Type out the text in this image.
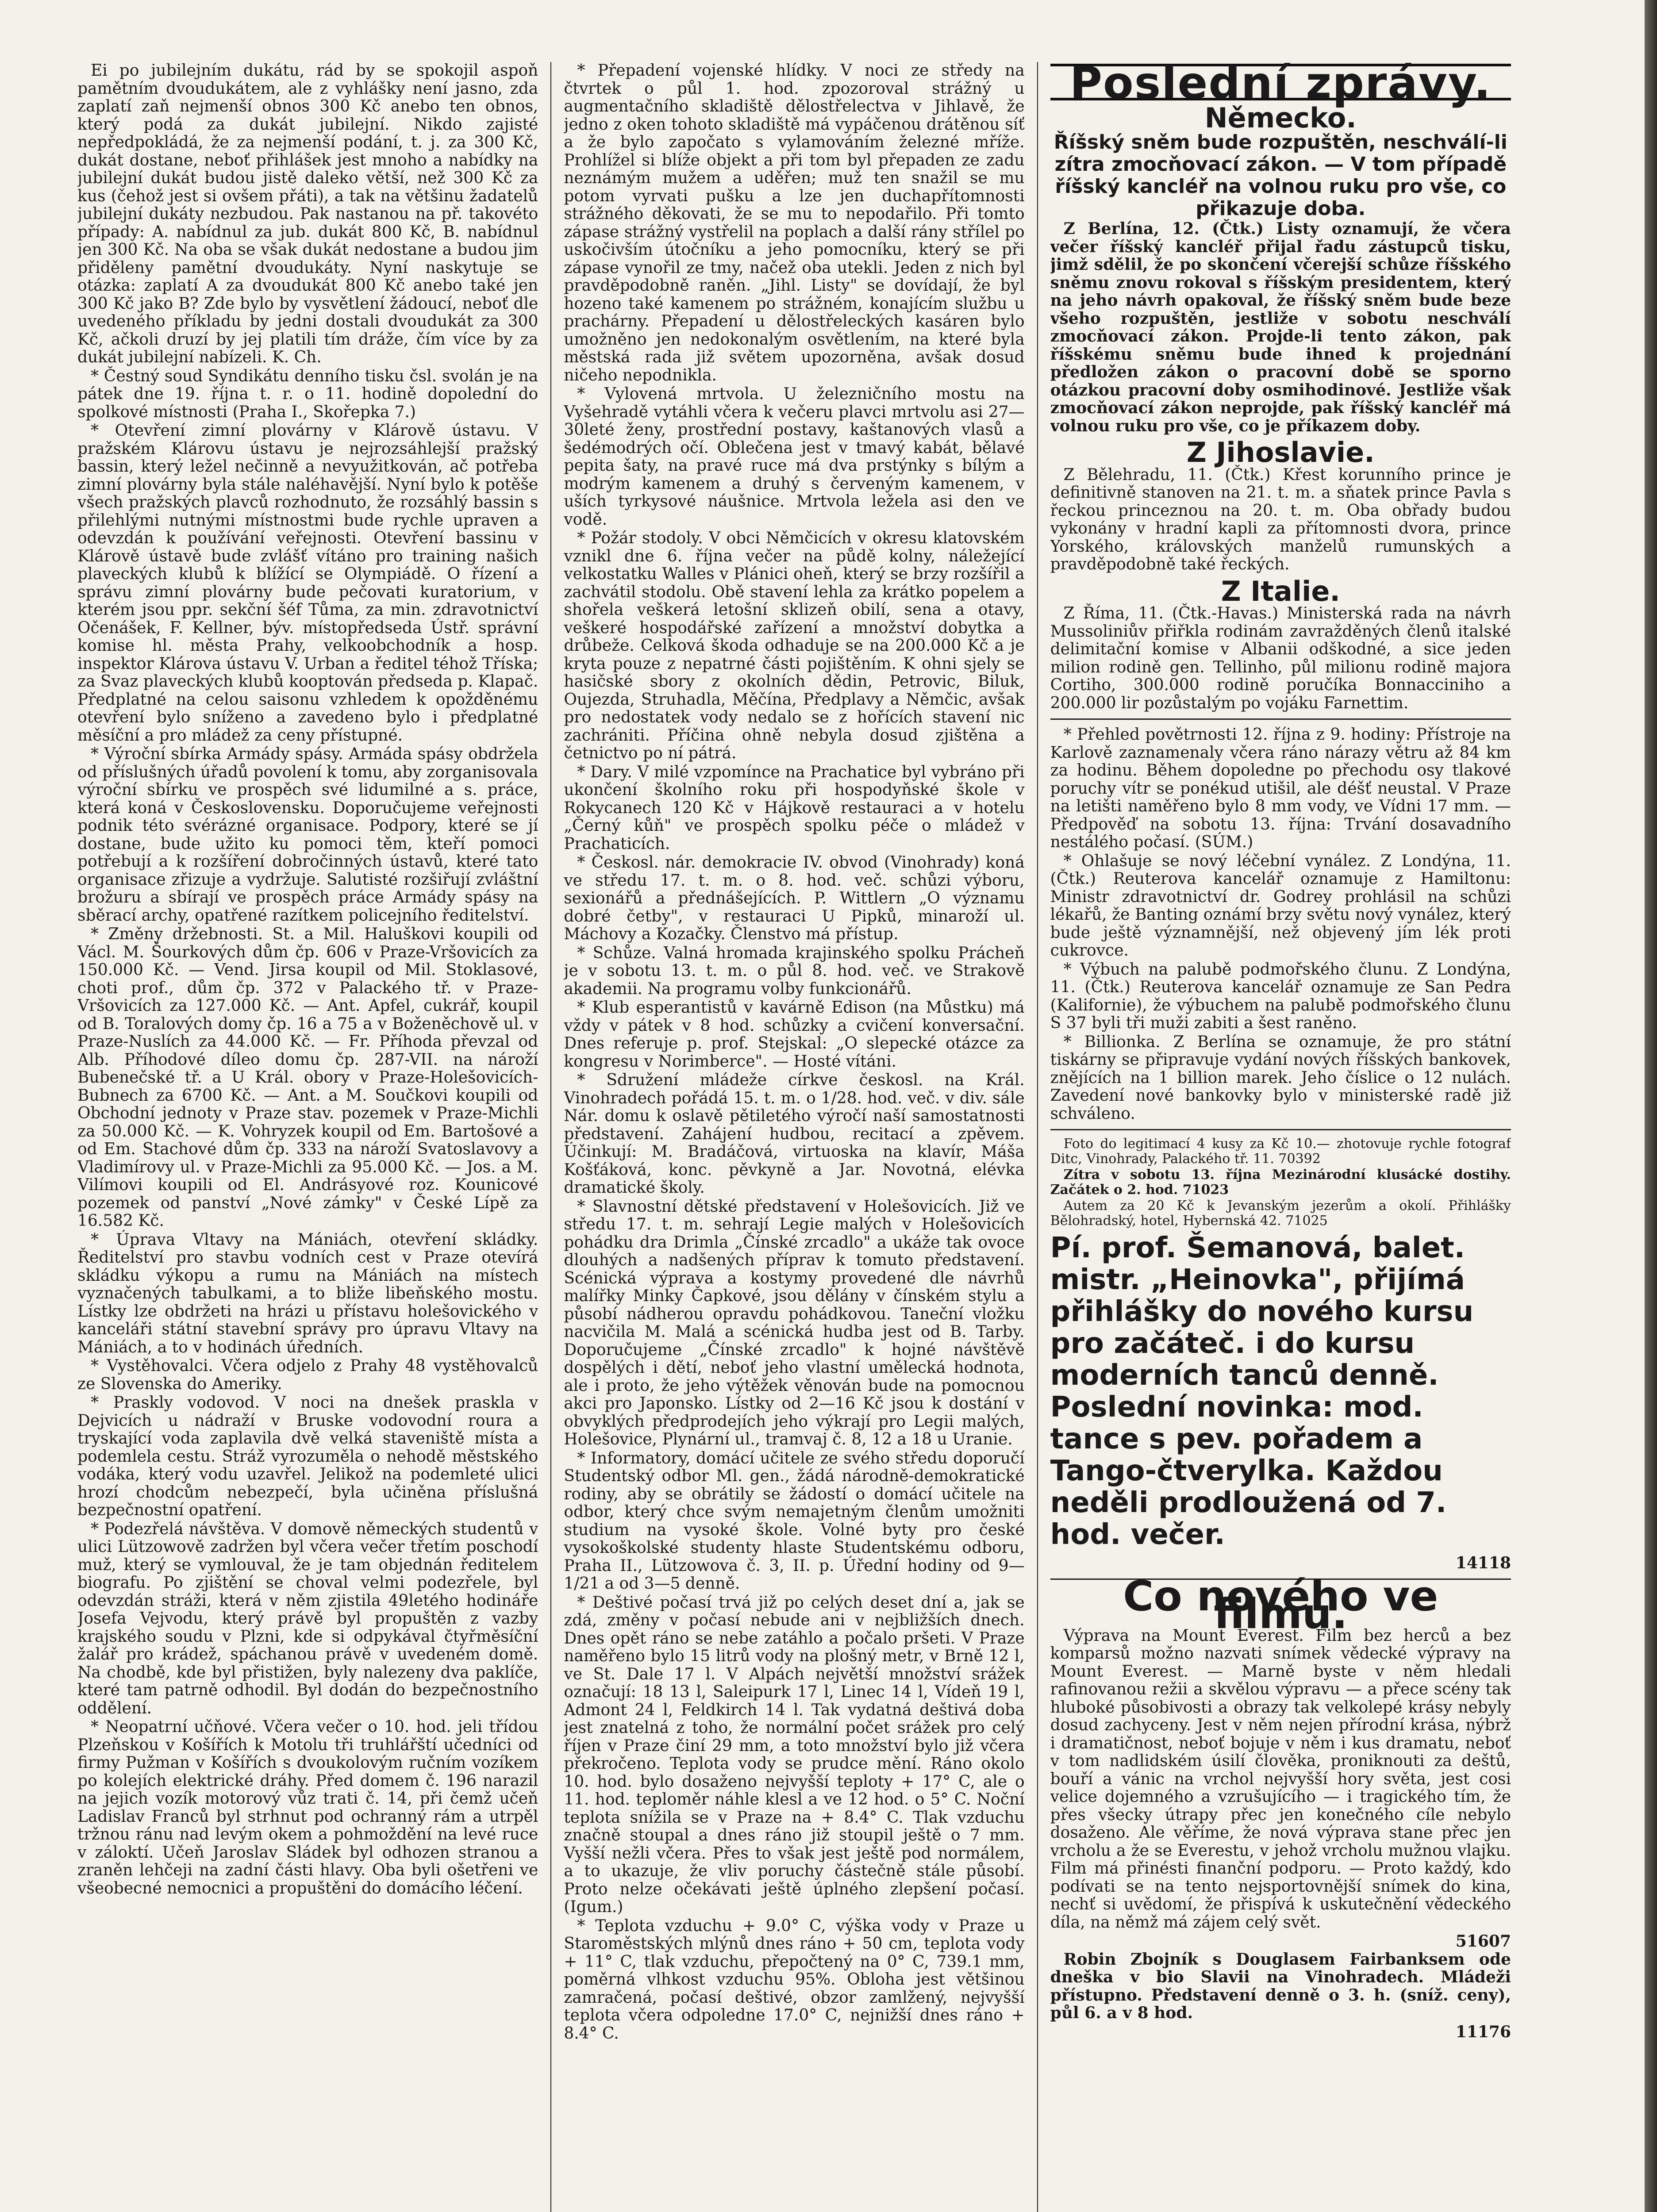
Ei po jubilejním dukátu, rád by se spokojil aspoň pamětním dvoudukátem, ale z vyhlášky není jasno, zda zaplatí zaň nejmenší obnos 300 Kč anebo ten obnos, který podá za dukát jubilejní. Nikdo zajisté nepředpokládá, že za nejmenší podání, t. j. za 300 Kč, dukát dostane, neboť přihlášek jest mnoho a nabídky na jubilejní dukát budou jistě daleko větší, než 300 Kč za kus (čehož jest si ovšem přáti), a tak na většinu žadatelů jubilejní dukáty nezbudou. Pak nastanou na př. takovéto případy: A. nabídnul za jub. dukát 800 Kč, B. nabídnul jen 300 Kč. Na oba se však dukát nedostane a budou jim přiděleny pamětní dvoudukáty. Nyní naskytuje se otázka: zaplatí A za dvoudukát 800 Kč anebo také jen 300 Kč jako B? Zde bylo by vysvětlení žádoucí, neboť dle uvedeného příkladu by jedni dostali dvoudukát za 300 Kč, ačkoli druzí by jej platili tím dráže, čím více by za dukát jubilejní nabízeli. K. Ch.

* Čestný soud Syndikátu denního tisku čsl. svolán je na pátek dne 19. října t. r. o 11. hodině dopolední do spolkové místnosti (Praha I., Skořepka 7.)

* Otevření zimní plovárny v Klárově ústavu. V pražském Klárovu ústavu je nejrozsáhlejší pražský bassin, který ležel nečinně a nevyužitkován, ač potřeba zimní plovárny byla stále naléhavější. Nyní bylo k potěše všech pražských plavců rozhodnuto, že rozsáhlý bassin s přilehlými nutnými místnostmi bude rychle upraven a odevzdán k používání veřejnosti. Otevření bassinu v Klárově ústavě bude zvlášť vítáno pro training našich plaveckých klubů k blížící se Olympiádě. O řízení a správu zimní plovárny bude pečovati kuratorium, v kterém jsou ppr. sekční šéf Tůma, za min. zdravotnictví Očenášek, F. Kellner, býv. místopředseda Ústř. správní komise hl. města Prahy, velkoobchodník a hosp. inspektor Klárova ústavu V. Urban a ředitel téhož Tříska; za Svaz plaveckých klubů kooptován předseda p. Klapač. Předplatné na celou saisonu vzhledem k opožděnému otevření bylo sníženo a zavedeno bylo i předplatné měsíční a pro mládež za ceny přístupné.

* Výroční sbírka Armády spásy. Armáda spásy obdržela od příslušných úřadů povolení k tomu, aby zorganisovala výroční sbírku ve prospěch své lidumilné a s. práce, která koná v Československu. Doporučujeme veřejnosti podnik této svérázné organisace. Podpory, které se jí dostane, bude užito ku pomoci těm, kteří pomoci potřebují a k rozšíření dobročinných ústavů, které tato organisace zřizuje a vydržuje. Salutisté rozšiřují zvláštní brožuru a sbírají ve prospěch práce Armády spásy na sběrací archy, opatřené razítkem policejního ředitelství.

* Změny držebnosti. St. a Mil. Haluškovi koupili od Václ. M. Šourkových dům čp. 606 v Praze-Vršovicích za 150.000 Kč. — Vend. Jirsa koupil od Mil. Stoklasové, choti prof., dům čp. 372 v Palackého tř. v Praze-Vršovicích za 127.000 Kč. — Ant. Apfel, cukrář, koupil od B. Toralových domy čp. 16 a 75 a v Boženěchově ul. v Praze-Nuslích za 44.000 Kč. — Fr. Příhoda převzal od Alb. Příhodové díleo domu čp. 287-VII. na nároží Bubenečské tř. a U Král. obory v Praze-Holešovicích-Bubnech za 6700 Kč. — Ant. a M. Součkovi koupili od Obchodní jednoty v Praze stav. pozemek v Praze-Michli za 50.000 Kč. — K. Vohryzek koupil od Em. Bartošové a od Em. Stachové dům čp. 333 na nároží Svatoslavovy a Vladimírovy ul. v Praze-Michli za 95.000 Kč. — Jos. a M. Vilímovi koupili od El. Andrásyové roz. Kounicové pozemek od panství „Nové zámky" v České Lípě za 16.582 Kč.

* Úprava Vltavy na Mániách, otevření skládky. Ředitelství pro stavbu vodních cest v Praze otevírá skládku výkopu a rumu na Mániách na místech vyznačených tabulkami, a to bliže libeňského mostu. Lístky lze obdržeti na hrázi u přístavu holešovického v kanceláři státní stavební správy pro úpravu Vltavy na Mániách, a to v hodinách úředních.

* Vystěhovalci. Včera odjelo z Prahy 48 vystěhovalců ze Slovenska do Ameriky.

* Praskly vodovod. V noci na dnešek praskla v Dejvicích u nádraží v Bruske vodovodní roura a tryskající voda zaplavila dvě velká staveniště místa a podemlela cestu. Stráž vyrozuměla o nehodě městského vodáka, který vodu uzavřel. Jelikož na podemleté ulici hrozí chodcům nebezpečí, byla učiněna příslušná bezpečnostní opatření.

* Podezřelá návštěva. V domově německých studentů v ulici Lützowově zadržen byl včera večer třetím poschodí muž, který se vymlouval, že je tam objednán ředitelem biografu. Po zjištění se choval velmi podezřele, byl odevzdán stráži, která v něm zjistila 49letého hodináře Josefa Vejvodu, který právě byl propuštěn z vazby krajského soudu v Plzni, kde si odpykával čtyřměsíční žalář pro krádež, spáchanou právě v uvedeném domě. Na chodbě, kde byl přistižen, byly nalezeny dva paklíče, které tam patrně odhodil. Byl dodán do bezpečnostního oddělení.

* Neopatrní učňové. Včera večer o 10. hod. jeli třídou Plzeňskou v Košířích k Motolu tři truhlářští učedníci od firmy Pužman v Košířích s dvoukolovým ručním vozíkem po kolejích elektrické dráhy. Před domem č. 196 narazil na jejich vozík motorový vůz trati č. 14, při čemž učeň Ladislav Franců byl strhnut pod ochranný rám a utrpěl tržnou ránu nad levým okem a pohmoždění na levé ruce v záloktí. Učeň Jaroslav Sládek byl odhozen stranou a zraněn lehčeji na zadní části hlavy. Oba byli ošetřeni ve všeobecné nemocnici a propuštěni do domácího léčení.

* Přepadení vojenské hlídky. V noci ze středy na čtvrtek o půl 1. hod. zpozoroval strážný u augmentačního skladiště dělostřelectva v Jihlavě, že jedno z oken tohoto skladiště má vypáčenou drátěnou síť a že bylo započato s vylamováním železné mříže. Prohlížel si blíže objekt a při tom byl přepaden ze zadu neznámým mužem a uděřen; muž ten snažil se mu potom vyrvati pušku a lze jen duchapřítomnosti strážného děkovati, že se mu to nepodařilo. Při tomto zápase strážný vystřelil na poplach a další rány střílel po uskočivším útočníku a jeho pomocníku, který se při zápase vynořil ze tmy, načež oba utekli. Jeden z nich byl pravděpodobně raněn. „Jihl. Listy" se dovídají, že byl hozeno také kamenem po strážném, konajícím službu u prachárny. Přepadení u dělostřeleckých kasáren bylo umožněno jen nedokonalým osvětlením, na které byla městská rada již světem upozorněna, avšak dosud ničeho nepodnikla.

* Vylovená mrtvola. U železničního mostu na Vyšehradě vytáhli včera k večeru plavci mrtvolu asi 27—30leté ženy, prostřední postavy, kaštanových vlasů a šedémodrých očí. Oblečena jest v tmavý kabát, bělavé pepita šaty, na pravé ruce má dva prstýnky s bílým a modrým kamenem a druhý s červeným kamenem, v uších tyrkysové náušnice. Mrtvola ležela asi den ve vodě.

* Požár stodoly. V obci Němčicích v okresu klatovském vznikl dne 6. října večer na půdě kolny, náležející velkostatku Walles v Plánici oheň, který se brzy rozšířil a zachvátil stodolu. Obě stavení lehla za krátko popelem a shořela veškerá letošní sklizeň obilí, sena a otavy, veškeré hospodářské zařízení a množství dobytka a drůbeže. Celková škoda odhaduje se na 200.000 Kč a je kryta pouze z nepatrné části pojištěním. K ohni sjely se hasičské sbory z okolních dědin, Petrovic, Biluk, Oujezda, Struhadla, Měčína, Předplavy a Němčic, avšak pro nedostatek vody nedalo se z hořících stavení nic zachrániti. Příčina ohně nebyla dosud zjištěna a četnictvo po ní pátrá.

* Dary. V milé vzpomínce na Prachatice byl vybráno při ukončení školního roku při hospodyňské škole v Rokycanech 120 Kč v Hájkově restauraci a v hotelu „Černý kůň" ve prospěch spolku péče o mládež v Prachaticích.

* Českosl. nár. demokracie IV. obvod (Vinohrady) koná ve středu 17. t. m. o 8. hod. več. schůzi výboru, sexionářů a přednášejících. P. Wittlern „O významu dobré četby", v restauraci U Pipků, minaroží ul. Máchovy a Kozačky. Členstvo má přístup.

* Schůze. Valná hromada krajinského spolku Prácheň je v sobotu 13. t. m. o půl 8. hod. več. ve Strakově akademii. Na programu volby funkcionářů.

* Klub esperantistů v kavárně Edison (na Můstku) má vždy v pátek v 8 hod. schůzky a cvičení konversační. Dnes referuje p. prof. Stejskal: „O slepecké otázce za kongresu v Norimberce". — Hosté vítáni.

* Sdružení mládeže církve českosl. na Král. Vinohradech pořádá 15. t. m. o 1/28. hod. več. v div. sále Nár. domu k oslavě pětiletého výročí naší samostatnosti představení. Zahájení hudbou, recitací a zpěvem. Účinkují: M. Bradáčová, virtuoska na klavír, Máša Košťáková, konc. pěvkyně a Jar. Novotná, elévka dramatické školy.

* Slavnostní dětské představení v Holešovicích. Již ve středu 17. t. m. sehrají Legie malých v Holešovicích pohádku dra Drimla „Čínské zrcadlo" a ukáže tak ovoce dlouhých a nadšených příprav k tomuto představení. Scénická výprava a kostymy provedené dle návrhů malířky Minky Čapkové, jsou dělány v čínském stylu a působí nádherou opravdu pohádkovou. Taneční vložku nacvičila M. Malá a scénická hudba jest od B. Tarby. Doporučujeme „Čínské zrcadlo" k hojné návštěvě dospělých i dětí, neboť jeho vlastní umělecká hodnota, ale i proto, že jeho výtěžek věnován bude na pomocnou akci pro Japonsko. Lístky od 2—16 Kč jsou k dostání v obvyklých předprodejích jeho výkrají pro Legii malých, Holešovice, Plynární ul., tramvaj č. 8, 12 a 18 u Uranie.

* Informatory, domácí učitele ze svého středu doporučí Studentský odbor Ml. gen., žádá národně-demokratické rodiny, aby se obrátily se žádostí o domácí učitele na odbor, který chce svým nemajetným členům umožniti studium na vysoké škole. Volné byty pro české vysokoškolské studenty hlaste Studentskému odboru, Praha II., Lützowova č. 3, II. p. Úřední hodiny od 9—1/21 a od 3—5 denně.

* Deštivé počasí trvá již po celých deset dní a, jak se zdá, změny v počasí nebude ani v nejbližších dnech. Dnes opět ráno se nebe zatáhlo a počalo pršeti. V Praze naměřeno bylo 15 litrů vody na plošný metr, v Brně 12 l, ve St. Dale 17 l. V Alpách největší množství srážek označují: 18 13 l, Saleipurk 17 l, Linec 14 l, Vídeň 19 l, Admont 24 l, Feldkirch 14 l. Tak vydatná deštivá doba jest znatelná z toho, že normální počet srážek pro celý říjen v Praze činí 29 mm, a toto množství bylo již včera překročeno. Teplota vody se prudce mění. Ráno okolo 10. hod. bylo dosaženo nejvyšší teploty + 17° C, ale o 11. hod. teploměr náhle klesl a ve 12 hod. o 5° C. Noční teplota snížila se v Praze na + 8.4° C. Tlak vzduchu značně stoupal a dnes ráno již stoupil ještě o 7 mm. Vyšší nežli včera. Přes to však jest ještě pod normálem, a to ukazuje, že vliv poruchy částečně stále působí. Proto nelze očekávati ještě úplného zlepšení počasí. (Igum.)

* Teplota vzduchu + 9.0° C, výška vody v Praze u Staroměstských mlýnů dnes ráno + 50 cm, teplota vody + 11° C, tlak vzduchu, přepočtený na 0° C, 739.1 mm, poměrná vlhkost vzduchu 95%. Obloha jest většinou zamračená, počasí deštivé, obzor zamlžený, nejvyšší teplota včera odpoledne 17.0° C, nejnižší dnes ráno + 8.4° C.

Poslední zprávy.
Německo.
Říšský sněm bude rozpuštěn, neschválí-li zítra zmocňovací zákon. — V tom případě říšský kancléř na volnou ruku pro vše, co přikazuje doba.

Z Berlína, 12. (Čtk.) Listy oznamují, že včera večer říšský kancléř přijal řadu zástupců tisku, jimž sdělil, že po skončení včerejší schůze říšského sněmu znovu rokoval s říšským presidentem, který na jeho návrh opakoval, že říšský sněm bude beze všeho rozpuštěn, jestliže v sobotu neschválí zmocňovací zákon. Projde-li tento zákon, pak říšskému sněmu bude ihned k projednání předložen zákon o pracovní době se sporno otázkou pracovní doby osmihodinové. Jestliže však zmocňovací zákon neprojde, pak říšský kancléř má volnou ruku pro vše, co je příkazem doby.

Z Jihoslavie.

Z Bělehradu, 11. (Čtk.) Křest korunního prince je definitivně stanoven na 21. t. m. a sňatek prince Pavla s řeckou princeznou na 20. t. m. Oba obřady budou vykonány v hradní kapli za přítomnosti dvora, prince Yorského, královských manželů rumunských a pravděpodobně také řeckých.

Z Italie.

Z Říma, 11. (Čtk.-Havas.) Ministerská rada na návrh Mussoliniův přiřkla rodinám zavražděných členů italské delimitační komise v Albanii odškodné, a sice jeden milion rodině gen. Tellinho, půl milionu rodině majora Cortiho, 300.000 rodině poručíka Bonnacciniho a 200.000 lir pozůstalým po vojáku Farnettim.

* Přehled povětrnosti 12. října z 9. hodiny: Přístroje na Karlově zaznamenaly včera ráno nárazy větru až 84 km za hodinu. Během dopoledne po přechodu osy tlakové poruchy vítr se ponékud utišil, ale déšť neustal. V Praze na letišti naměřeno bylo 8 mm vody, ve Vídni 17 mm. — Předpověď na sobotu 13. října: Trvání dosavadního nestálého počasí. (SÚM.)

* Ohlašuje se nový léčební vynález. Z Londýna, 11. (Čtk.) Reuterova kancelář oznamuje z Hamiltonu: Ministr zdravotnictví dr. Godrey prohlásil na schůzi lékařů, že Banting oznámí brzy světu nový vynález, který bude ještě významnější, než objevený jím lék proti cukrovce.

* Výbuch na palubě podmořského člunu. Z Londýna, 11. (Čtk.) Reuterova kancelář oznamuje ze San Pedra (Kalifornie), že výbuchem na palubě podmořského člunu S 37 byli tři muži zabiti a šest raněno.

* Billionka. Z Berlína se oznamuje, že pro státní tiskárny se připravuje vydání nových říšských bankovek, znějících na 1 billion marek. Jeho číslice o 12 nulách. Zavedení nové bankovky bylo v ministerské radě již schváleno.

Foto do legitimací 4 kusy za Kč 10.— zhotovuje rychle fotograf Ditc, Vinohrady, Palackého tř. 11. 70392

Zítra v sobotu 13. října Mezinárodní klusácké dostihy. Začátek o 2. hod. 71023

Autem za 20 Kč k Jevanským jezerům a okolí. Přihlášky Bělohradský, hotel, Hybernská 42. 71025

Pí. prof. Šemanová, balet. mistr. „Heinovka", přijímá přihlášky do nového kursu pro začáteč. i do kursu moderních tanců denně. Poslední novinka: mod. tance s pev. pořadem a Tango-čtverylka. Každou neděli prodloužená od 7. hod. večer.
14118
Co nového ve filmu.

Výprava na Mount Everest. Film bez herců a bez komparsů možno nazvati snímek vědecké výpravy na Mount Everest. — Marně byste v něm hledali rafinovanou režii a skvělou výpravu — a přece scény tak hluboké působivosti a obrazy tak velkolepé krásy nebyly dosud zachyceny. Jest v něm nejen přírodní krása, nýbrž i dramatičnost, neboť bojuje v něm i kus dramatu, neboť v tom nadlidském úsilí člověka, proniknouti za deštů, bouří a vánic na vrchol nejvyšší hory světa, jest cosi velice dojemného a vzrušujícího — i tragického tím, že přes všecky útrapy přec jen konečného cíle nebylo dosaženo. Ale věříme, že nová výprava stane přec jen vrcholu a že se Everestu, v jehož vrcholu mužnou vlajku. Film má přinésti finanční podporu. — Proto každý, kdo podívati se na tento nejsportovnější snímek do kina, nechť si uvědomí, že přispívá k uskutečnění vědeckého díla, na němž má zájem celý svět.

51607

Robin Zbojník s Douglasem Fairbanksem ode dneška v bio Slavii na Vinohradech. Mládeži přístupno. Představení denně o 3. h. (sníž. ceny), půl 6. a v 8 hod.

11176
